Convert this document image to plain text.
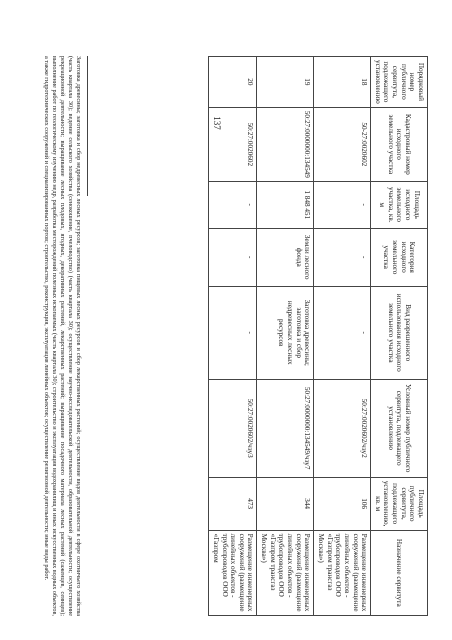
137
Порядковый номер публичного сервитута, подлежащего установлению	Кадастровый номер исходного земельного участка	Площадь исходного земельного участка, кв. м	Категория исходного земельного участка	Вид разрешенного использования исходного земельного участка	Условный номер публичного сервитута, подлежащего установлению	Площадь публичного сервитута, подлежащего установлению, кв. м	Назначение сервитута
18	50-27:0020602	-	-	-	50:27:0020602/чзу2	106	Размещение инженерных сооружений (размещение линейных объектов - трубопроводов ООО «Газпром трансгаз Москва»)
19	50:27:0000000:134549	1 848 451	Земли лесного фонда	Заготовка древесины; заготовка и сбор недревесных лесных ресурсов	50:27:0000000:134549/чзу7	344	Размещение инженерных сооружений (размещение линейных объектов - трубопроводов ООО «Газпром трансгаз Москва»)
20	50:27:0020602	-	-	-	50:27:0020602/чзу3	473	Размещение инженерных сооружений (размещение линейных объектов - трубопроводов ООО «Газпром
Заготовка древесины; заготовка и сбор недревесных лесных ресурсов; заготовка пищевых лесных ресурсов и сбор лекарственных растений; осуществление видов деятельности в сфере охотничьего хозяйства (часть квартала 30); ведение сельского хозяйства (сенокошение, пчеловодство) (часть квартала 30); осуществление научно-исследовательской деятельности, образовательной деятельности; осуществление рекреационной деятельности; выращивание лесных плодовых, ягодных, декоративных растений, лекарственных растений; выращивание посадочного материала лесных растений (саженцев, сеянцев); выполнение работ по геологическому изучению недр, разработка месторождений полезных ископаемых (часть квартала 30); строительство и эксплуатация водохранилищ и иных искусственных водных объектов, а также гидротехнических сооружений и специализированных портов; строительство, реконструкция, эксплуатация линейных объектов; осуществление религиозной деятельности; иные виды работ.
